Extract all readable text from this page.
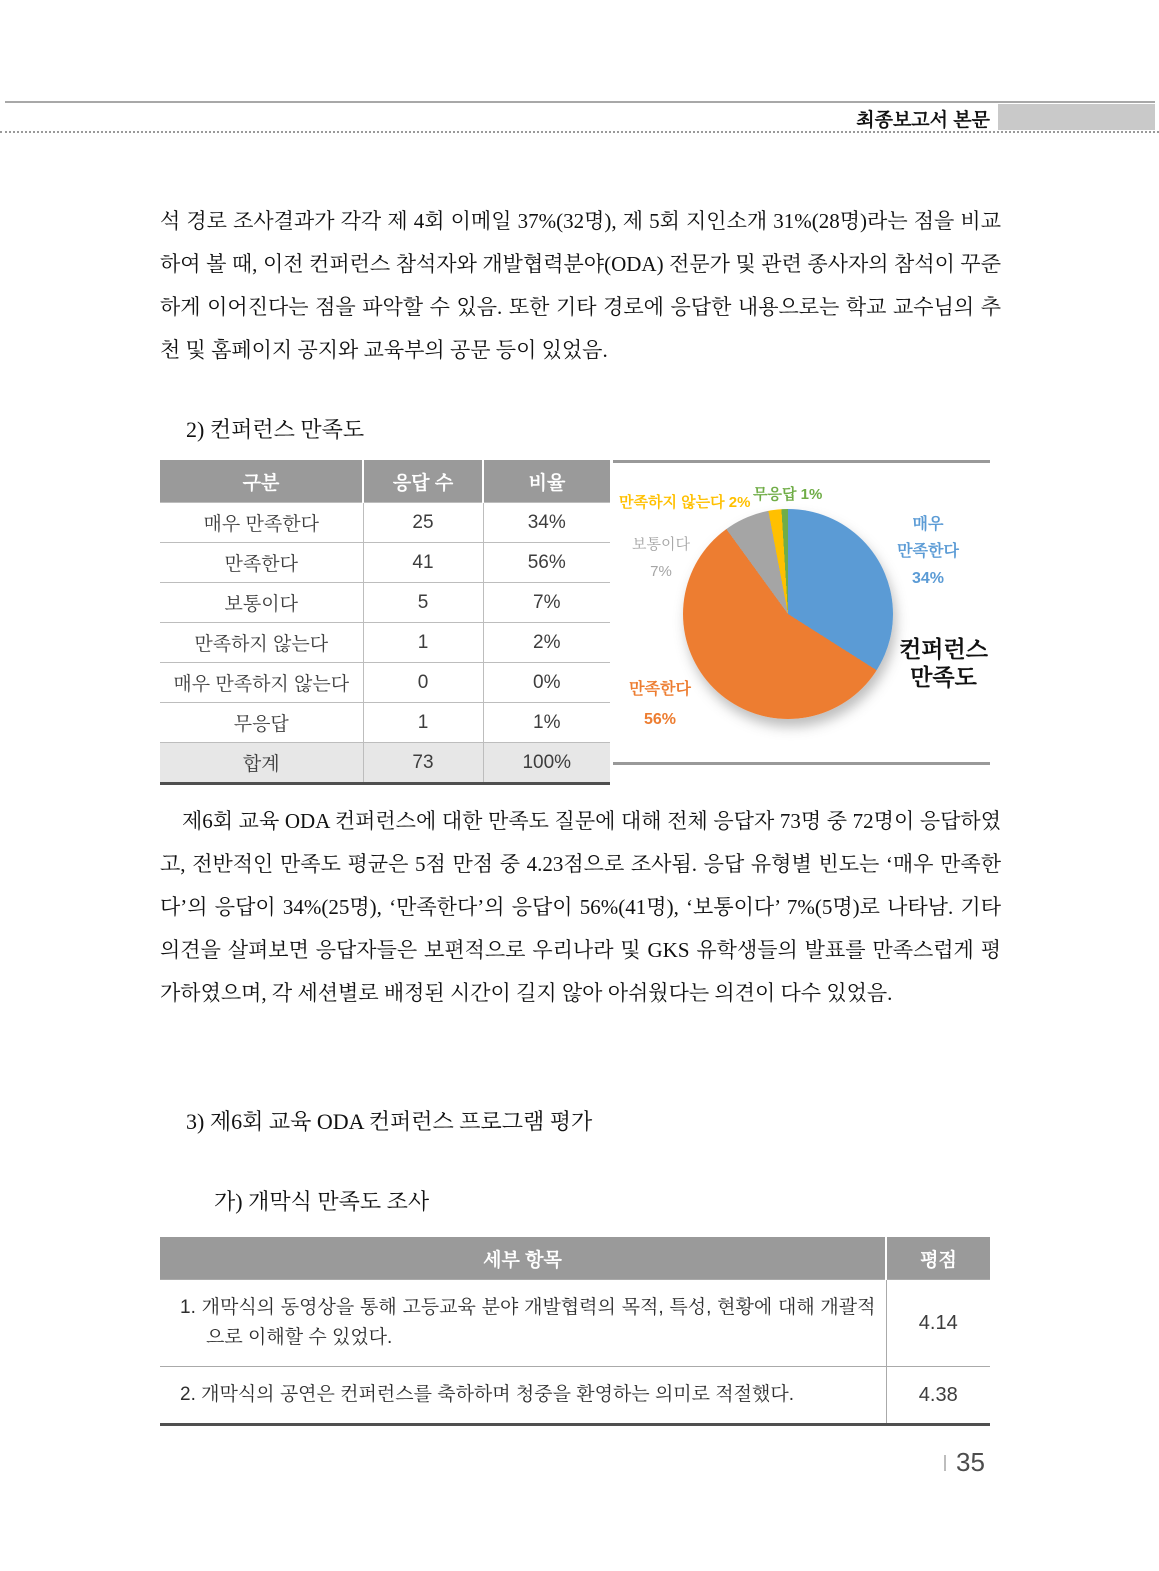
최종보고서 본문
석 경로 조사결과가 각각 제 4회 이메일 37%(32명), 제 5회 지인소개 31%(28명)라는 점을 비교하여 볼 때, 이전 컨퍼런스 참석자와 개발협력분야(ODA) 전문가 및 관련 종사자의 참석이 꾸준하게 이어진다는 점을 파악할 수 있음. 또한 기타 경로에 응답한 내용으로는 학교 교수님의 추천 및 홈페이지 공지와 교육부의 공문 등이 있었음.
2) 컨퍼런스 만족도
구분	응답 수	비율
매우 만족한다	25	34%
만족한다	41	56%
보통이다	5	7%
만족하지 않는다	1	2%
매우 만족하지 않는다	0	0%
무응답	1	1%
합계	73	100%
만족하지 않는다 2% 무응답 1%
보통이다
7%
매우
만족한다
34%
만족한다
56%
컨퍼런스
만족도
제6회 교육 ODA 컨퍼런스에 대한 만족도 질문에 대해 전체 응답자 73명 중 72명이 응답하였고, 전반적인 만족도 평균은 5점 만점 중 4.23점으로 조사됨. 응답 유형별 빈도는 ‘매우 만족한다’의 응답이 34%(25명), ‘만족한다’의 응답이 56%(41명), ‘보통이다’ 7%(5명)로 나타남. 기타 의견을 살펴보면 응답자들은 보편적으로 우리나라 및 GKS 유학생들의 발표를 만족스럽게 평가하였으며, 각 세션별로 배정된 시간이 길지 않아 아쉬웠다는 의견이 다수 있었음.
3) 제6회 교육 ODA 컨퍼런스 프로그램 평가
가) 개막식 만족도 조사
세부 항목	평점
1. 개막식의 동영상을 통해 고등교육 분야 개발협력의 목적, 특성, 현황에 대해 개괄적으로 이해할 수 있었다.	4.14
2. 개막식의 공연은 컨퍼런스를 축하하며 청중을 환영하는 의미로 적절했다.	4.38
35
